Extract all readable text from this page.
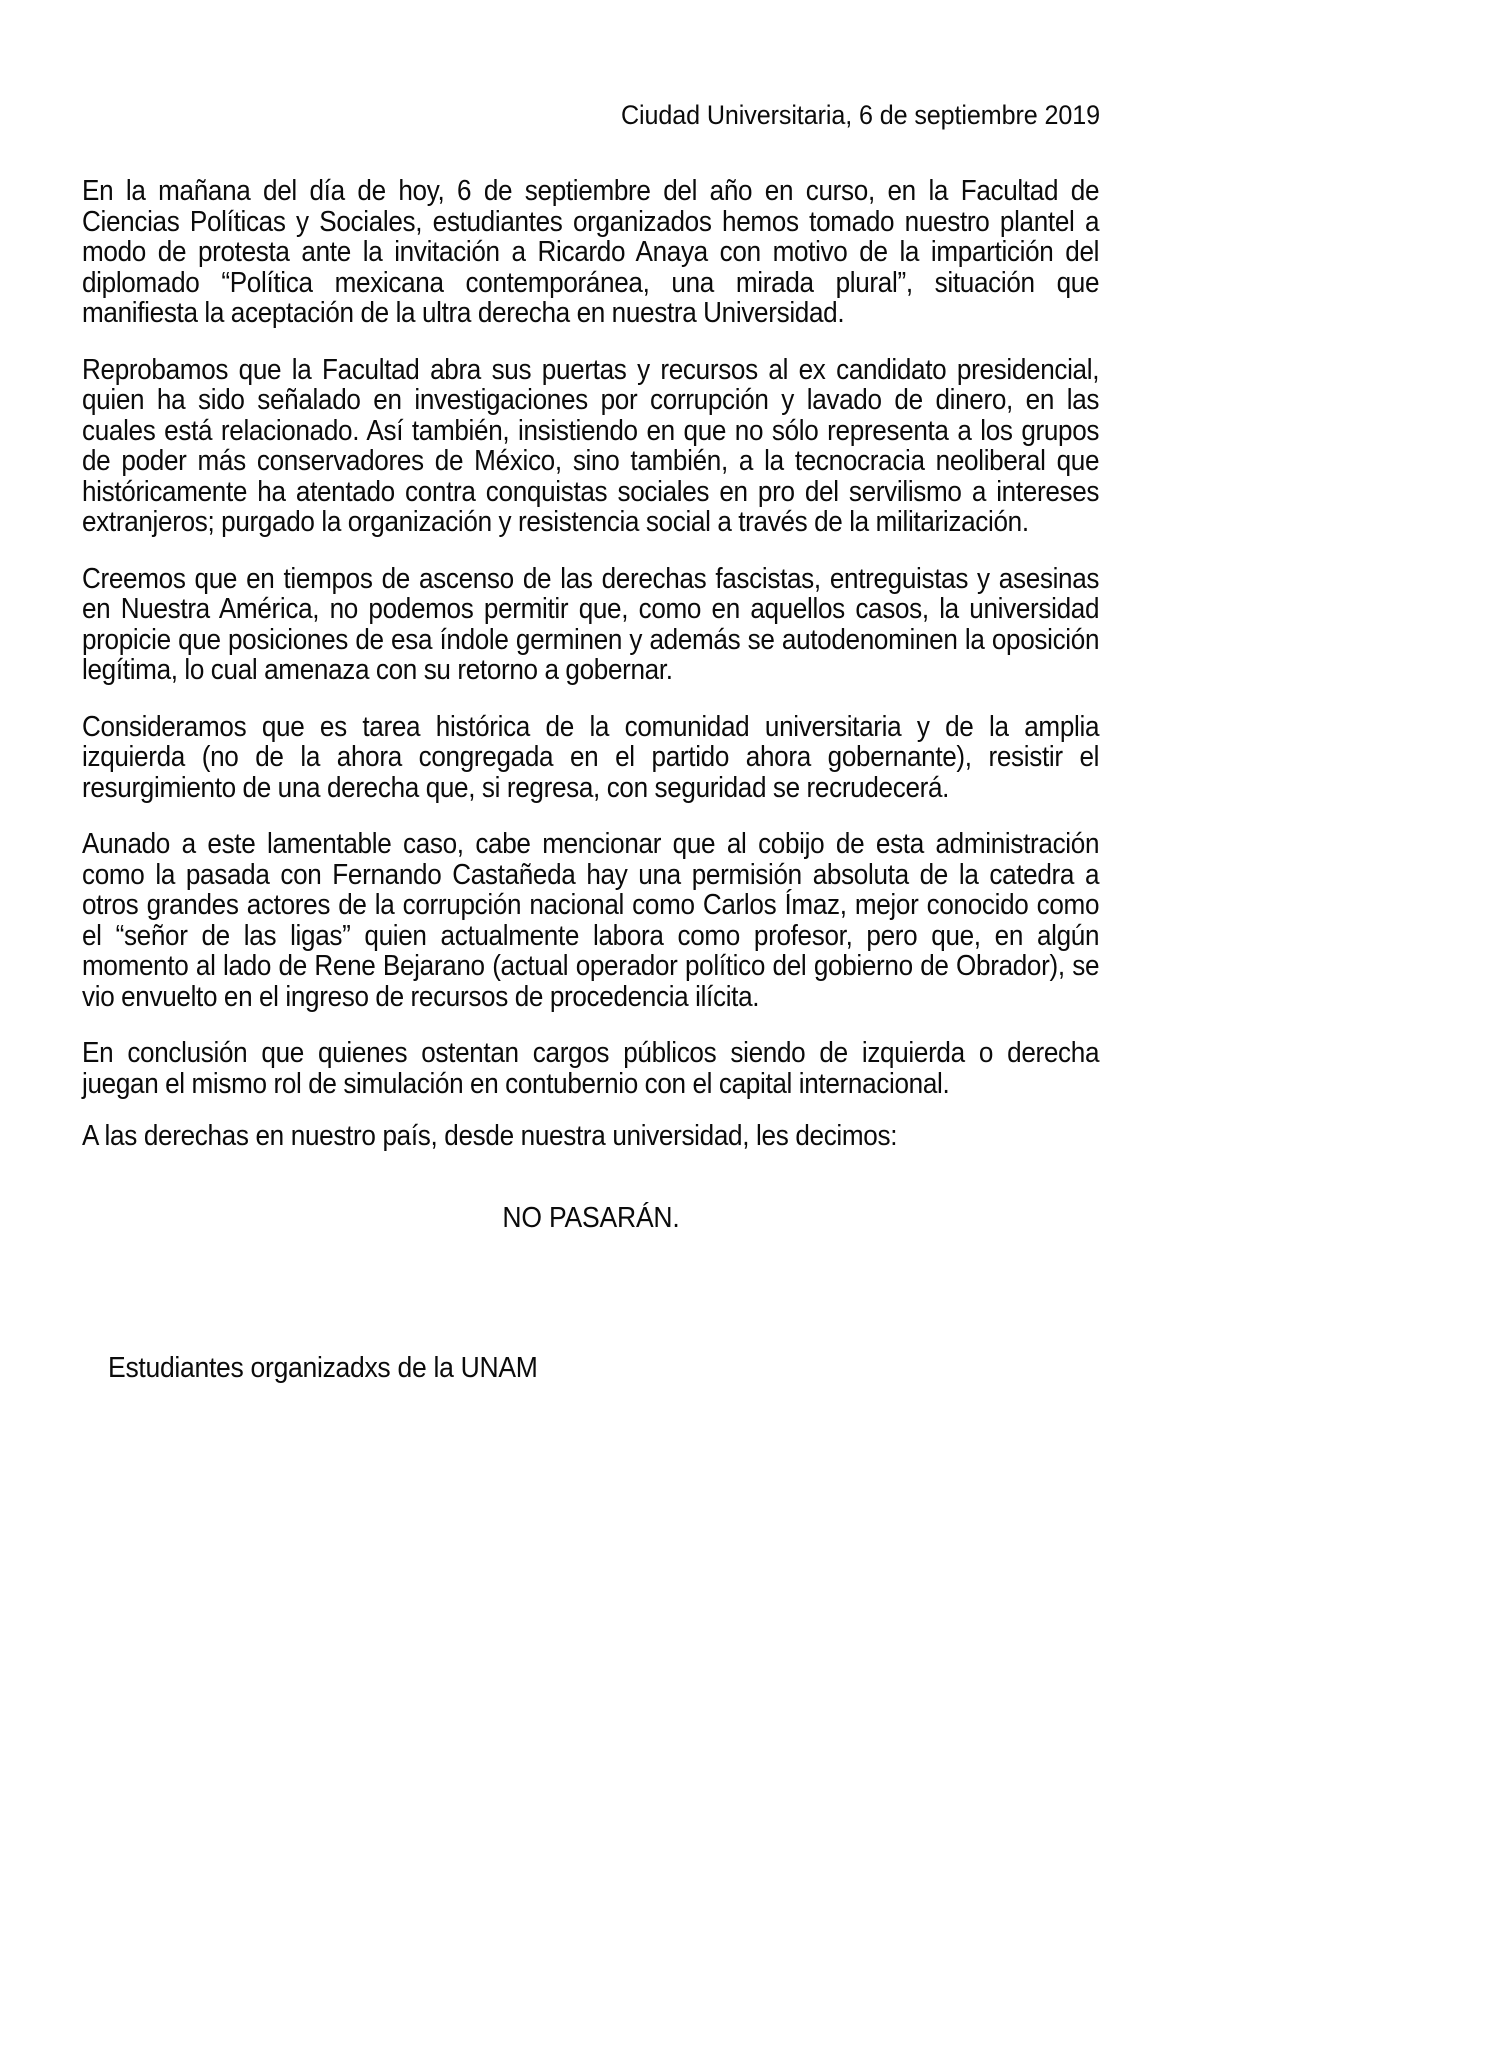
Ciudad Universitaria, 6 de septiembre 2019

En la mañana del día de hoy, 6 de septiembre del año en curso, en la Facultad de Ciencias Políticas y Sociales, estudiantes organizados hemos tomado nuestro plantel a modo de protesta ante la invitación a Ricardo Anaya con motivo de la impartición del diplomado “Política mexicana contemporánea, una mirada plural”, situación que manifiesta la aceptación de la ultra derecha en nuestra Universidad.

Reprobamos que la Facultad abra sus puertas y recursos al ex candidato presidencial, quien ha sido señalado en investigaciones por corrupción y lavado de dinero, en las cuales está relacionado. Así también, insistiendo en que no sólo representa a los grupos de poder más conservadores de México, sino también, a la tecnocracia neoliberal que históricamente ha atentado contra conquistas sociales en pro del servilismo a intereses extranjeros; purgado la organización y resistencia social a través de la militarización.

Creemos que en tiempos de ascenso de las derechas fascistas, entreguistas y asesinas en Nuestra América, no podemos permitir que, como en aquellos casos, la universidad propicie que posiciones de esa índole germinen y además se autodenominen la oposición legítima, lo cual amenaza con su retorno a gobernar.

Consideramos que es tarea histórica de la comunidad universitaria y de la amplia izquierda (no de la ahora congregada en el partido ahora gobernante), resistir el resurgimiento de una derecha que, si regresa, con seguridad se recrudecerá.

Aunado a este lamentable caso, cabe mencionar que al cobijo de esta administración como la pasada con Fernando Castañeda hay una permisión absoluta de la catedra a otros grandes actores de la corrupción nacional como Carlos Ímaz, mejor conocido como el “señor de las ligas” quien actualmente labora como profesor, pero que, en algún momento al lado de Rene Bejarano (actual operador político del gobierno de Obrador), se vio envuelto en el ingreso de recursos de procedencia ilícita.

En conclusión que quienes ostentan cargos públicos siendo de izquierda o derecha juegan el mismo rol de simulación en contubernio con el capital internacional.

A las derechas en nuestro país, desde nuestra universidad, les decimos:

NO PASARÁN.

Estudiantes organizadxs de la UNAM
